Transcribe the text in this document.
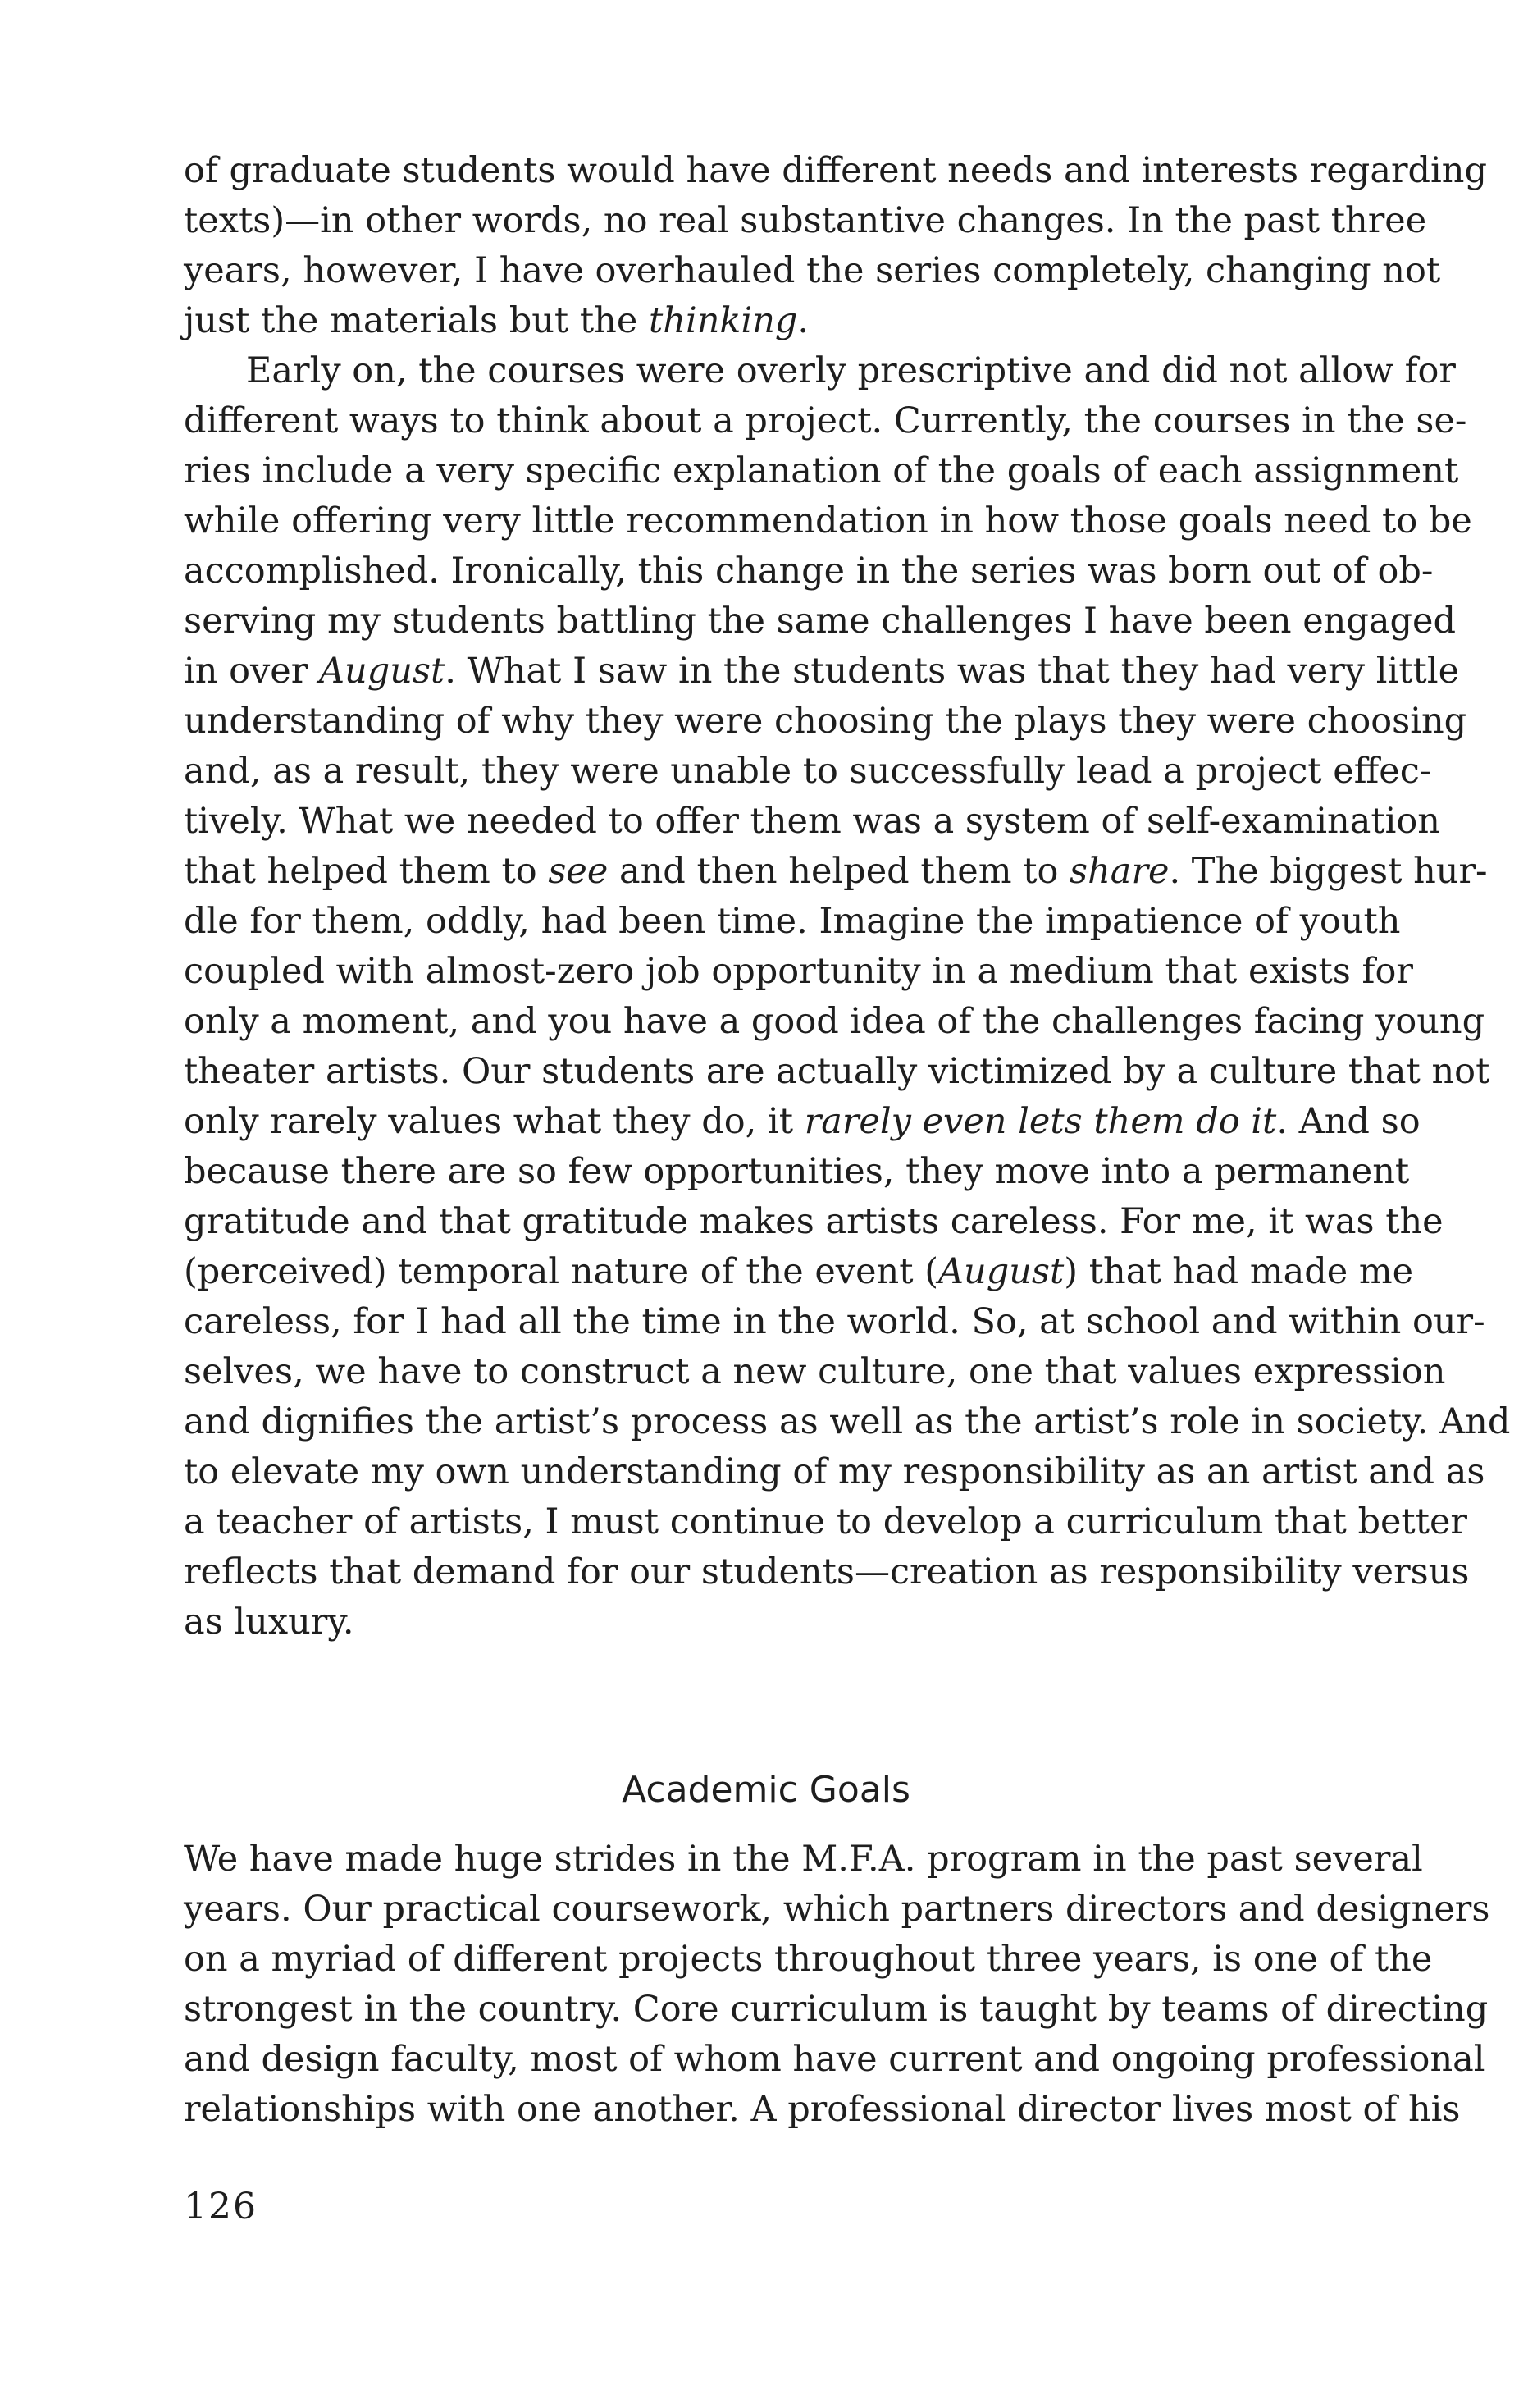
of graduate students would have different needs and interests regarding
texts)—in other words, no real substantive changes. In the past three
years, however, I have overhauled the series completely, changing not
just the materials but the thinking.

Early on, the courses were overly prescriptive and did not allow for
different ways to think about a project. Currently, the courses in the se-
ries include a very specific explanation of the goals of each assignment
while offering very little recommendation in how those goals need to be
accomplished. Ironically, this change in the series was born out of ob-
serving my students battling the same challenges I have been engaged
in over August. What I saw in the students was that they had very little
understanding of why they were choosing the plays they were choosing
and, as a result, they were unable to successfully lead a project effec-
tively. What we needed to offer them was a system of self-examination
that helped them to see and then helped them to share. The biggest hur-
dle for them, oddly, had been time. Imagine the impatience of youth
coupled with almost-zero job opportunity in a medium that exists for
only a moment, and you have a good idea of the challenges facing young
theater artists. Our students are actually victimized by a culture that not
only rarely values what they do, it rarely even lets them do it. And so
because there are so few opportunities, they move into a permanent
gratitude and that gratitude makes artists careless. For me, it was the
(perceived) temporal nature of the event (August) that had made me
careless, for I had all the time in the world. So, at school and within our-
selves, we have to construct a new culture, one that values expression
and dignifies the artist’s process as well as the artist’s role in society. And
to elevate my own understanding of my responsibility as an artist and as
a teacher of artists, I must continue to develop a curriculum that better
reflects that demand for our students—creation as responsibility versus
as luxury.

Academic Goals

We have made huge strides in the M.F.A. program in the past several
years. Our practical coursework, which partners directors and designers
on a myriad of different projects throughout three years, is one of the
strongest in the country. Core curriculum is taught by teams of directing
and design faculty, most of whom have current and ongoing professional
relationships with one another. A professional director lives most of his

126
